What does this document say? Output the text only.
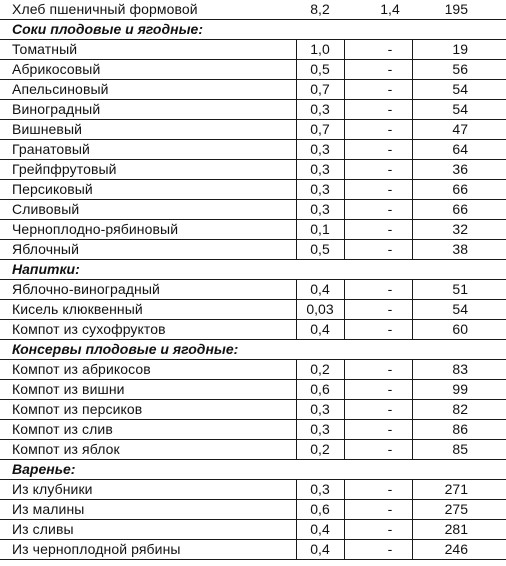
Хлеб пшеничный формовой	8,2	1,4	195
Соки плодовые и ягодные:			
Томатный	1,0	-	19
Абрикосовый	0,5	-	56
Апельсиновый	0,7	-	54
Виноградный	0,3	-	54
Вишневый	0,7	-	47
Гранатовый	0,3	-	64
Грейпфрутовый	0,3	-	36
Персиковый	0,3	-	66
Сливовый	0,3	-	66
Черноплодно-рябиновый	0,1	-	32
Яблочный	0,5	-	38
Напитки:			
Яблочно-виноградный	0,4	-	51
Кисель клюквенный	0,03	-	54
Компот из сухофруктов	0,4	-	60
Консервы плодовые и ягодные:			
Компот из абрикосов	0,2	-	83
Компот из вишни	0,6	-	99
Компот из персиков	0,3	-	82
Компот из слив	0,3	-	86
Компот из яблок	0,2	-	85
Варенье:			
Из клубники	0,3	-	271
Из малины	0,6	-	275
Из сливы	0,4	-	281
Из черноплодной рябины	0,4	-	246
